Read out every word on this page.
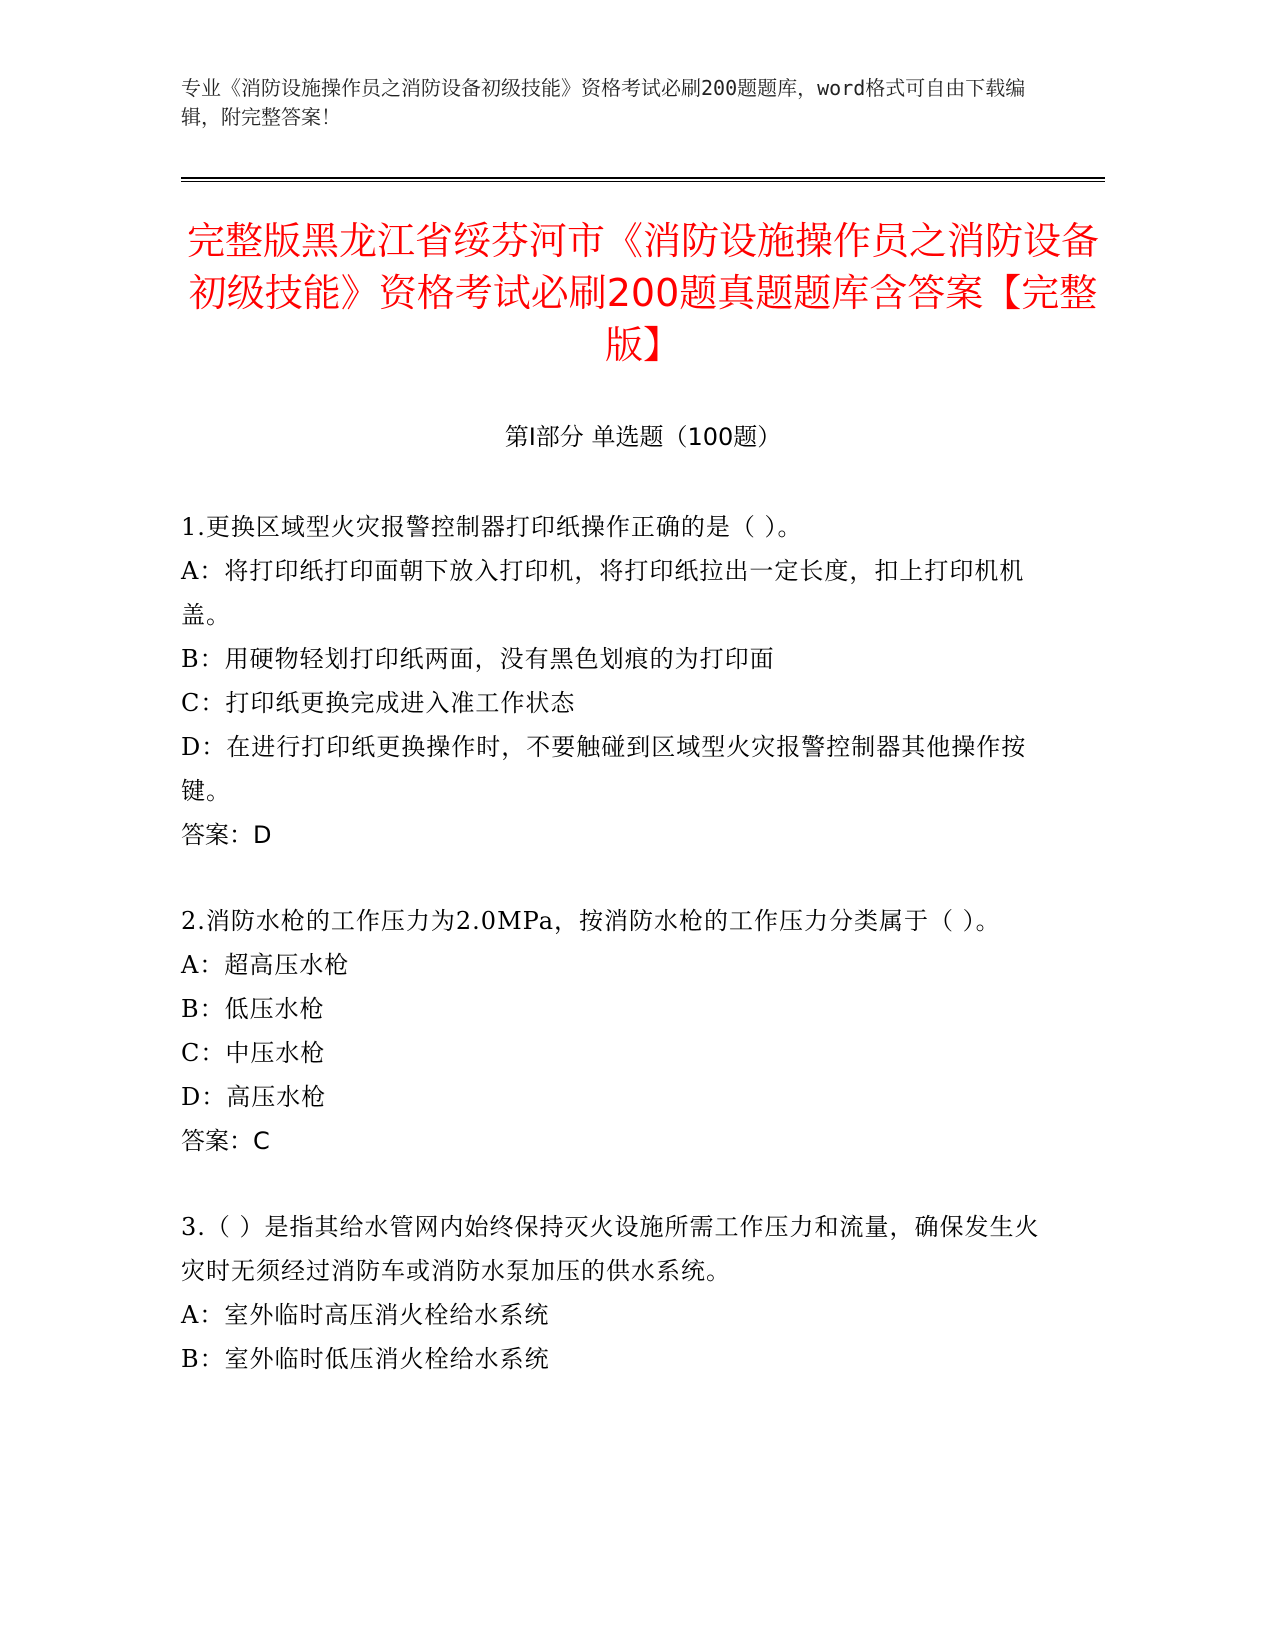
专业《消防设施操作员之消防设备初级技能》资格考试必刷200题题库，word格式可自由下载编辑，附完整答案！
完整版黑龙江省绥芬河市《消防设施操作员之消防设备初级技能》资格考试必刷200题真题题库含答案【完整版】
第Ⅰ部分 单选题（100题）
1.更换区域型火灾报警控制器打印纸操作正确的是（ ）。
A：将打印纸打印面朝下放入打印机，将打印纸拉出一定长度，扣上打印机机盖。
B：用硬物轻划打印纸两面，没有黑色划痕的为打印面
C：打印纸更换完成进入准工作状态
D：在进行打印纸更换操作时，不要触碰到区域型火灾报警控制器其他操作按键。
答案：D
2.消防水枪的工作压力为2.0MPa，按消防水枪的工作压力分类属于（ ）。
A：超高压水枪
B：低压水枪
C：中压水枪
D：高压水枪
答案：C
3.（ ）是指其给水管网内始终保持灭火设施所需工作压力和流量，确保发生火灾时无须经过消防车或消防水泵加压的供水系统。
A：室外临时高压消火栓给水系统
B：室外临时低压消火栓给水系统
